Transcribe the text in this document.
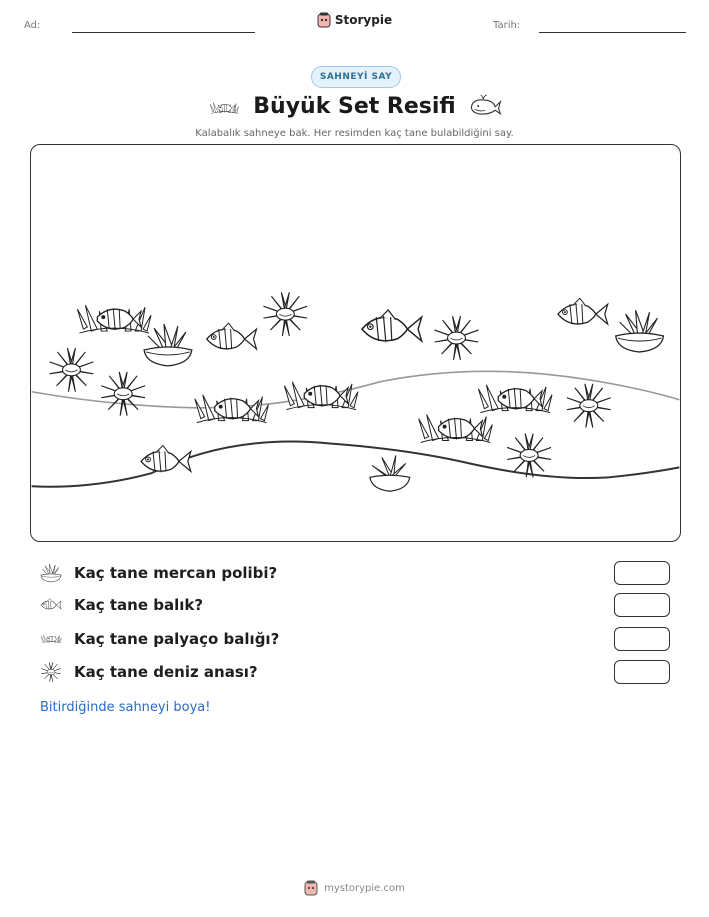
Ad:	Tarih:
Storypie
SAHNEYİ SAY
Büyük Set Resifi
Kalabalık sahneye bak. Her resimden kaç tane bulabildiğini say.
Kaç tane mercan polibi?
Kaç tane balık?
Kaç tane palyaço balığı?
Kaç tane deniz anası?
Bitirdiğinde sahneyi boya!
mystorypie.com
